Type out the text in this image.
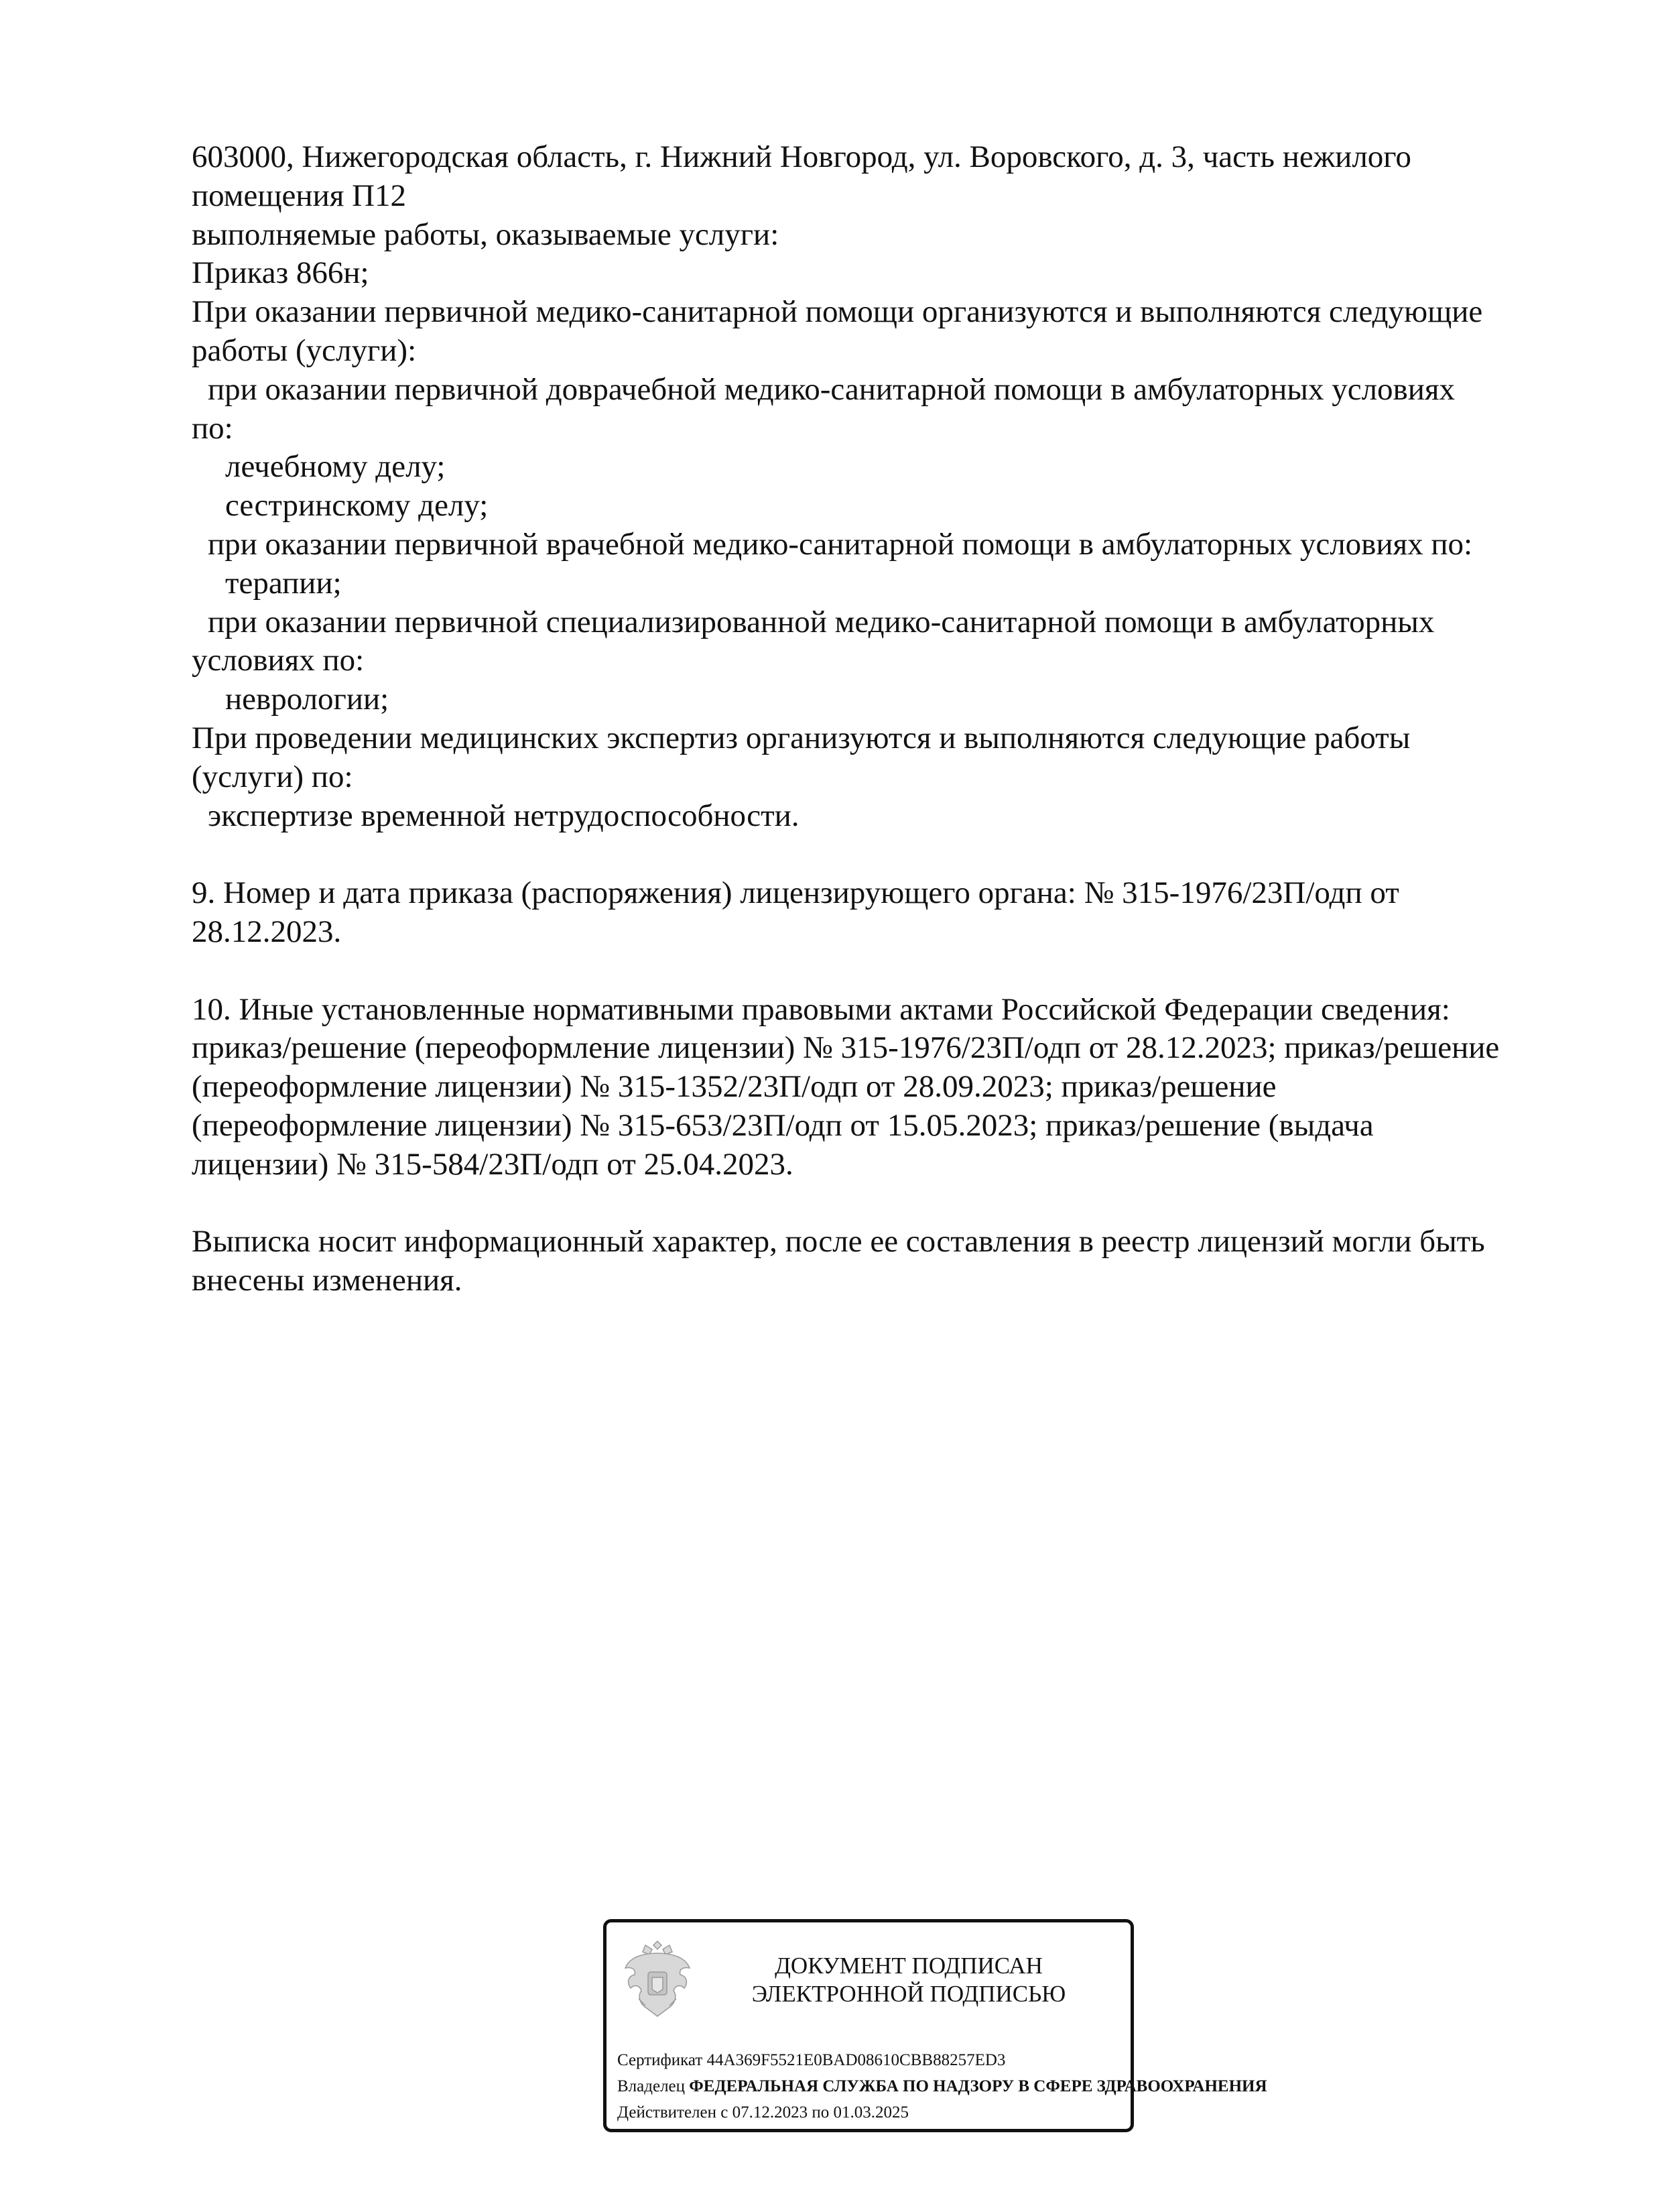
603000, Нижегородская область, г. Нижний Новгород, ул. Воровского, д. 3, часть нежилого
помещения П12
выполняемые работы, оказываемые услуги:
Приказ 866н;
При оказании первичной медико-санитарной помощи организуются и выполняются следующие
работы (услуги):
при оказании первичной доврачебной медико-санитарной помощи в амбулаторных условиях
по:
лечебному делу;
сестринскому делу;
при оказании первичной врачебной медико-санитарной помощи в амбулаторных условиях по:
терапии;
при оказании первичной специализированной медико-санитарной помощи в амбулаторных
условиях по:
неврологии;
При проведении медицинских экспертиз организуются и выполняются следующие работы
(услуги) по:
экспертизе временной нетрудоспособности.
9. Номер и дата приказа (распоряжения) лицензирующего органа: № 315-1976/23П/одп от
28.12.2023.
10. Иные установленные нормативными правовыми актами Российской Федерации сведения:
приказ/решение (переоформление лицензии) № 315-1976/23П/одп от 28.12.2023; приказ/решение
(переоформление лицензии) № 315-1352/23П/одп от 28.09.2023; приказ/решение
(переоформление лицензии) № 315-653/23П/одп от 15.05.2023; приказ/решение (выдача
лицензии) № 315-584/23П/одп от 25.04.2023.
Выписка носит информационный характер, после ее составления в реестр лицензий могли быть
внесены изменения.
ДОКУМЕНТ ПОДПИСАН
ЭЛЕКТРОННОЙ ПОДПИСЬЮ
Сертификат 44A369F5521E0BAD08610CBB88257ED3
Владелец ФЕДЕРАЛЬНАЯ СЛУЖБА ПО НАДЗОРУ В СФЕРЕ ЗДРАВООХРАНЕНИЯ
Действителен с 07.12.2023 по 01.03.2025
